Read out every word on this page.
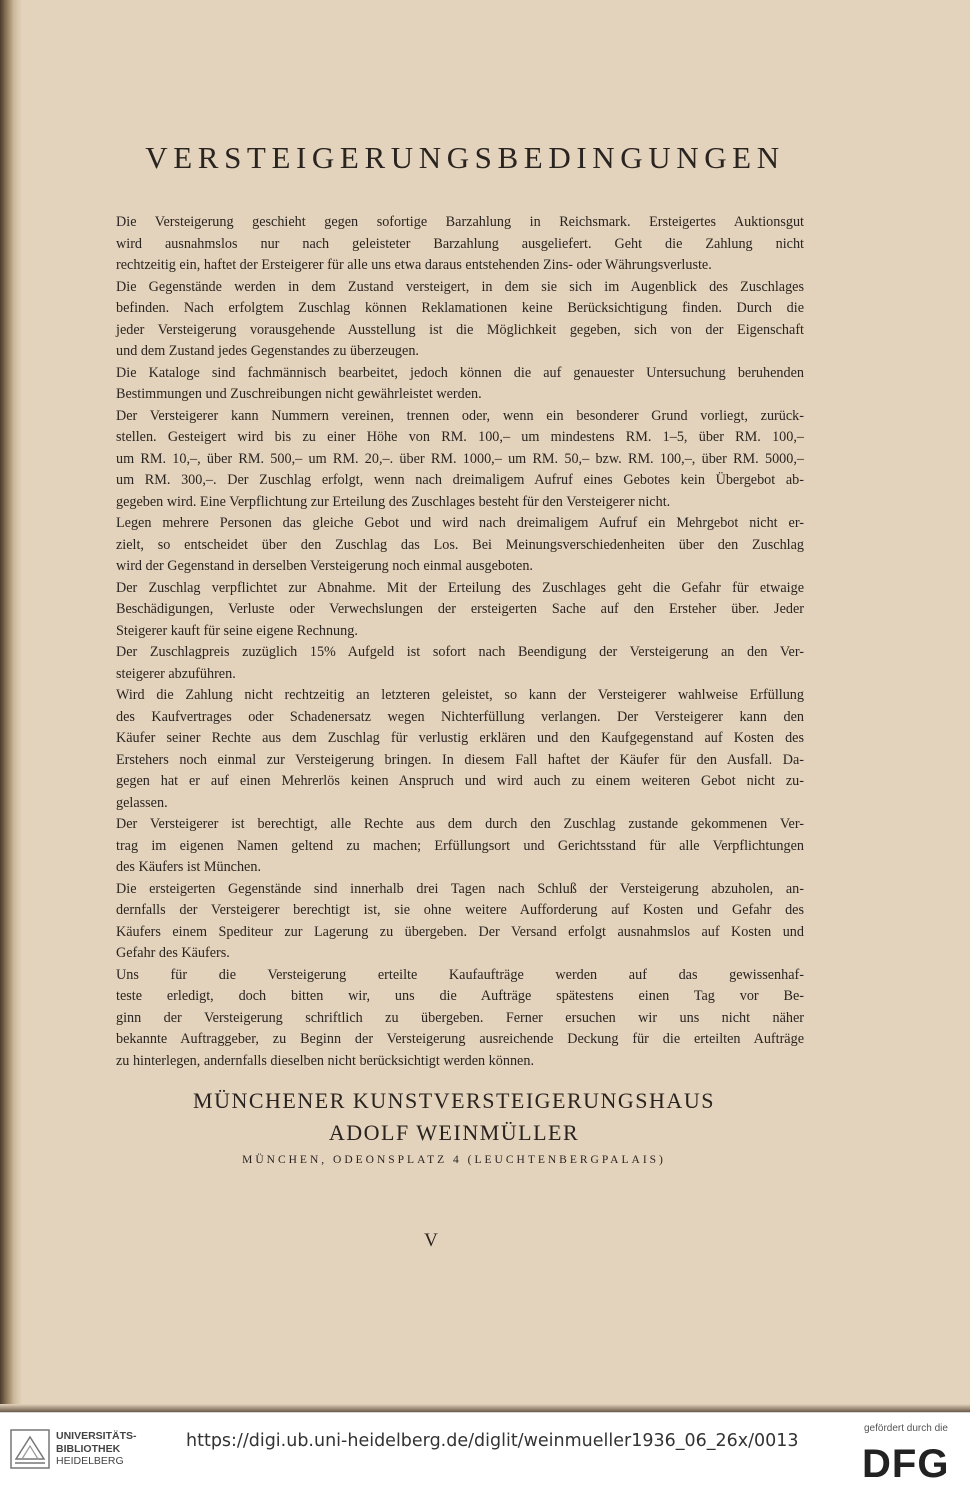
VERSTEIGERUNGSBEDINGUNGEN
Die Versteigerung geschieht gegen sofortige Barzahlung in Reichsmark. Ersteigertes Auktionsgut
wird ausnahmslos nur nach geleisteter Barzahlung ausgeliefert. Geht die Zahlung nicht
rechtzeitig ein, haftet der Ersteigerer für alle uns etwa daraus entstehenden Zins- oder Währungsverluste.
Die Gegenstände werden in dem Zustand versteigert, in dem sie sich im Augenblick des Zuschlages
befinden. Nach erfolgtem Zuschlag können Reklamationen keine Berücksichtigung finden. Durch die
jeder Versteigerung vorausgehende Ausstellung ist die Möglichkeit gegeben, sich von der Eigenschaft
und dem Zustand jedes Gegenstandes zu überzeugen.
Die Kataloge sind fachmännisch bearbeitet, jedoch können die auf genauester Untersuchung beruhenden
Bestimmungen und Zuschreibungen nicht gewährleistet werden.
Der Versteigerer kann Nummern vereinen, trennen oder, wenn ein besonderer Grund vorliegt, zurück-
stellen. Gesteigert wird bis zu einer Höhe von RM. 100,– um mindestens RM. 1–5, über RM. 100,–
um RM. 10,–, über RM. 500,– um RM. 20,–. über RM. 1000,– um RM. 50,– bzw. RM. 100,–, über RM. 5000,–
um RM. 300,–. Der Zuschlag erfolgt, wenn nach dreimaligem Aufruf eines Gebotes kein Übergebot ab-
gegeben wird. Eine Verpflichtung zur Erteilung des Zuschlages besteht für den Versteigerer nicht.
Legen mehrere Personen das gleiche Gebot und wird nach dreimaligem Aufruf ein Mehrgebot nicht er-
zielt, so entscheidet über den Zuschlag das Los. Bei Meinungsverschiedenheiten über den Zuschlag
wird der Gegenstand in derselben Versteigerung noch einmal ausgeboten.
Der Zuschlag verpflichtet zur Abnahme. Mit der Erteilung des Zuschlages geht die Gefahr für etwaige
Beschädigungen, Verluste oder Verwechslungen der ersteigerten Sache auf den Ersteher über. Jeder
Steigerer kauft für seine eigene Rechnung.
Der Zuschlagpreis zuzüglich 15% Aufgeld ist sofort nach Beendigung der Versteigerung an den Ver-
steigerer abzuführen.
Wird die Zahlung nicht rechtzeitig an letzteren geleistet, so kann der Versteigerer wahlweise Erfüllung
des Kaufvertrages oder Schadenersatz wegen Nichterfüllung verlangen. Der Versteigerer kann den
Käufer seiner Rechte aus dem Zuschlag für verlustig erklären und den Kaufgegenstand auf Kosten des
Erstehers noch einmal zur Versteigerung bringen. In diesem Fall haftet der Käufer für den Ausfall. Da-
gegen hat er auf einen Mehrerlös keinen Anspruch und wird auch zu einem weiteren Gebot nicht zu-
gelassen.
Der Versteigerer ist berechtigt, alle Rechte aus dem durch den Zuschlag zustande gekommenen Ver-
trag im eigenen Namen geltend zu machen; Erfüllungsort und Gerichtsstand für alle Verpflichtungen
des Käufers ist München.
Die ersteigerten Gegenstände sind innerhalb drei Tagen nach Schluß der Versteigerung abzuholen, an-
dernfalls der Versteigerer berechtigt ist, sie ohne weitere Aufforderung auf Kosten und Gefahr des
Käufers einem Spediteur zur Lagerung zu übergeben. Der Versand erfolgt ausnahmslos auf Kosten und
Gefahr des Käufers.
Uns für die Versteigerung erteilte Kaufaufträge werden auf das gewissenhaf-
teste erledigt, doch bitten wir, uns die Aufträge spätestens einen Tag vor Be-
ginn der Versteigerung schriftlich zu übergeben. Ferner ersuchen wir uns nicht näher
bekannte Auftraggeber, zu Beginn der Versteigerung ausreichende Deckung für die erteilten Aufträge
zu hinterlegen, andernfalls dieselben nicht berücksichtigt werden können.
MÜNCHENER KUNSTVERSTEIGERUNGSHAUS
ADOLF WEINMÜLLER
MÜNCHEN, ODEONSPLATZ 4 (LEUCHTENBERGPALAIS)
V
UNIVERSITÄTS-
BIBLIOTHEK
HEIDELBERG
https://digi.ub.uni-heidelberg.de/diglit/weinmueller1936_06_26x/0013
gefördert durch die
DFG
